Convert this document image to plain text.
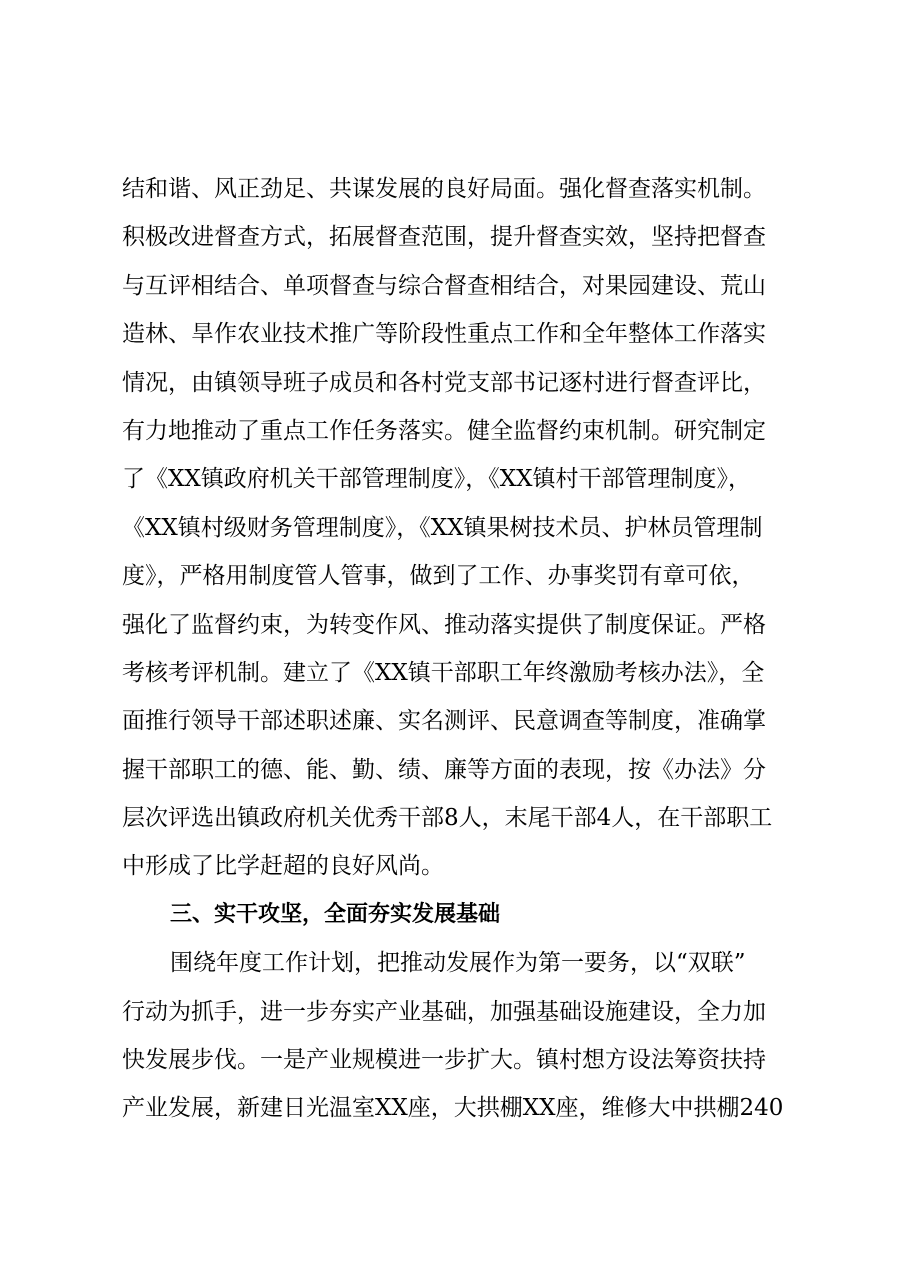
结和谐、风正劲足、共谋发展的良好局面。强化督查落实机制。
积极改进督查方式，拓展督查范围，提升督查实效，坚持把督查
与互评相结合、单项督查与综合督查相结合，对果园建设、荒山
造林、旱作农业技术推广等阶段性重点工作和全年整体工作落实
情况，由镇领导班子成员和各村党支部书记逐村进行督查评比，
有力地推动了重点工作任务落实。健全监督约束机制。研究制定
了《XX镇政府机关干部管理制度》，《XX镇村干部管理制度》，
《XX镇村级财务管理制度》，《XX镇果树技术员、护林员管理制
度》，严格用制度管人管事，做到了工作、办事奖罚有章可依，
强化了监督约束，为转变作风、推动落实提供了制度保证。严格
考核考评机制。建立了《XX镇干部职工年终激励考核办法》，全
面推行领导干部述职述廉、实名测评、民意调查等制度，准确掌
握干部职工的德、能、勤、绩、廉等方面的表现，按《办法》分
层次评选出镇政府机关优秀干部8人，末尾干部4人，在干部职工
中形成了比学赶超的良好风尚。
三、实干攻坚，全面夯实发展基础
围绕年度工作计划，把推动发展作为第一要务，以“双联”
行动为抓手，进一步夯实产业基础，加强基础设施建设，全力加
快发展步伐。一是产业规模进一步扩大。镇村想方设法筹资扶持
产业发展，新建日光温室XX座，大拱棚XX座，维修大中拱棚240
